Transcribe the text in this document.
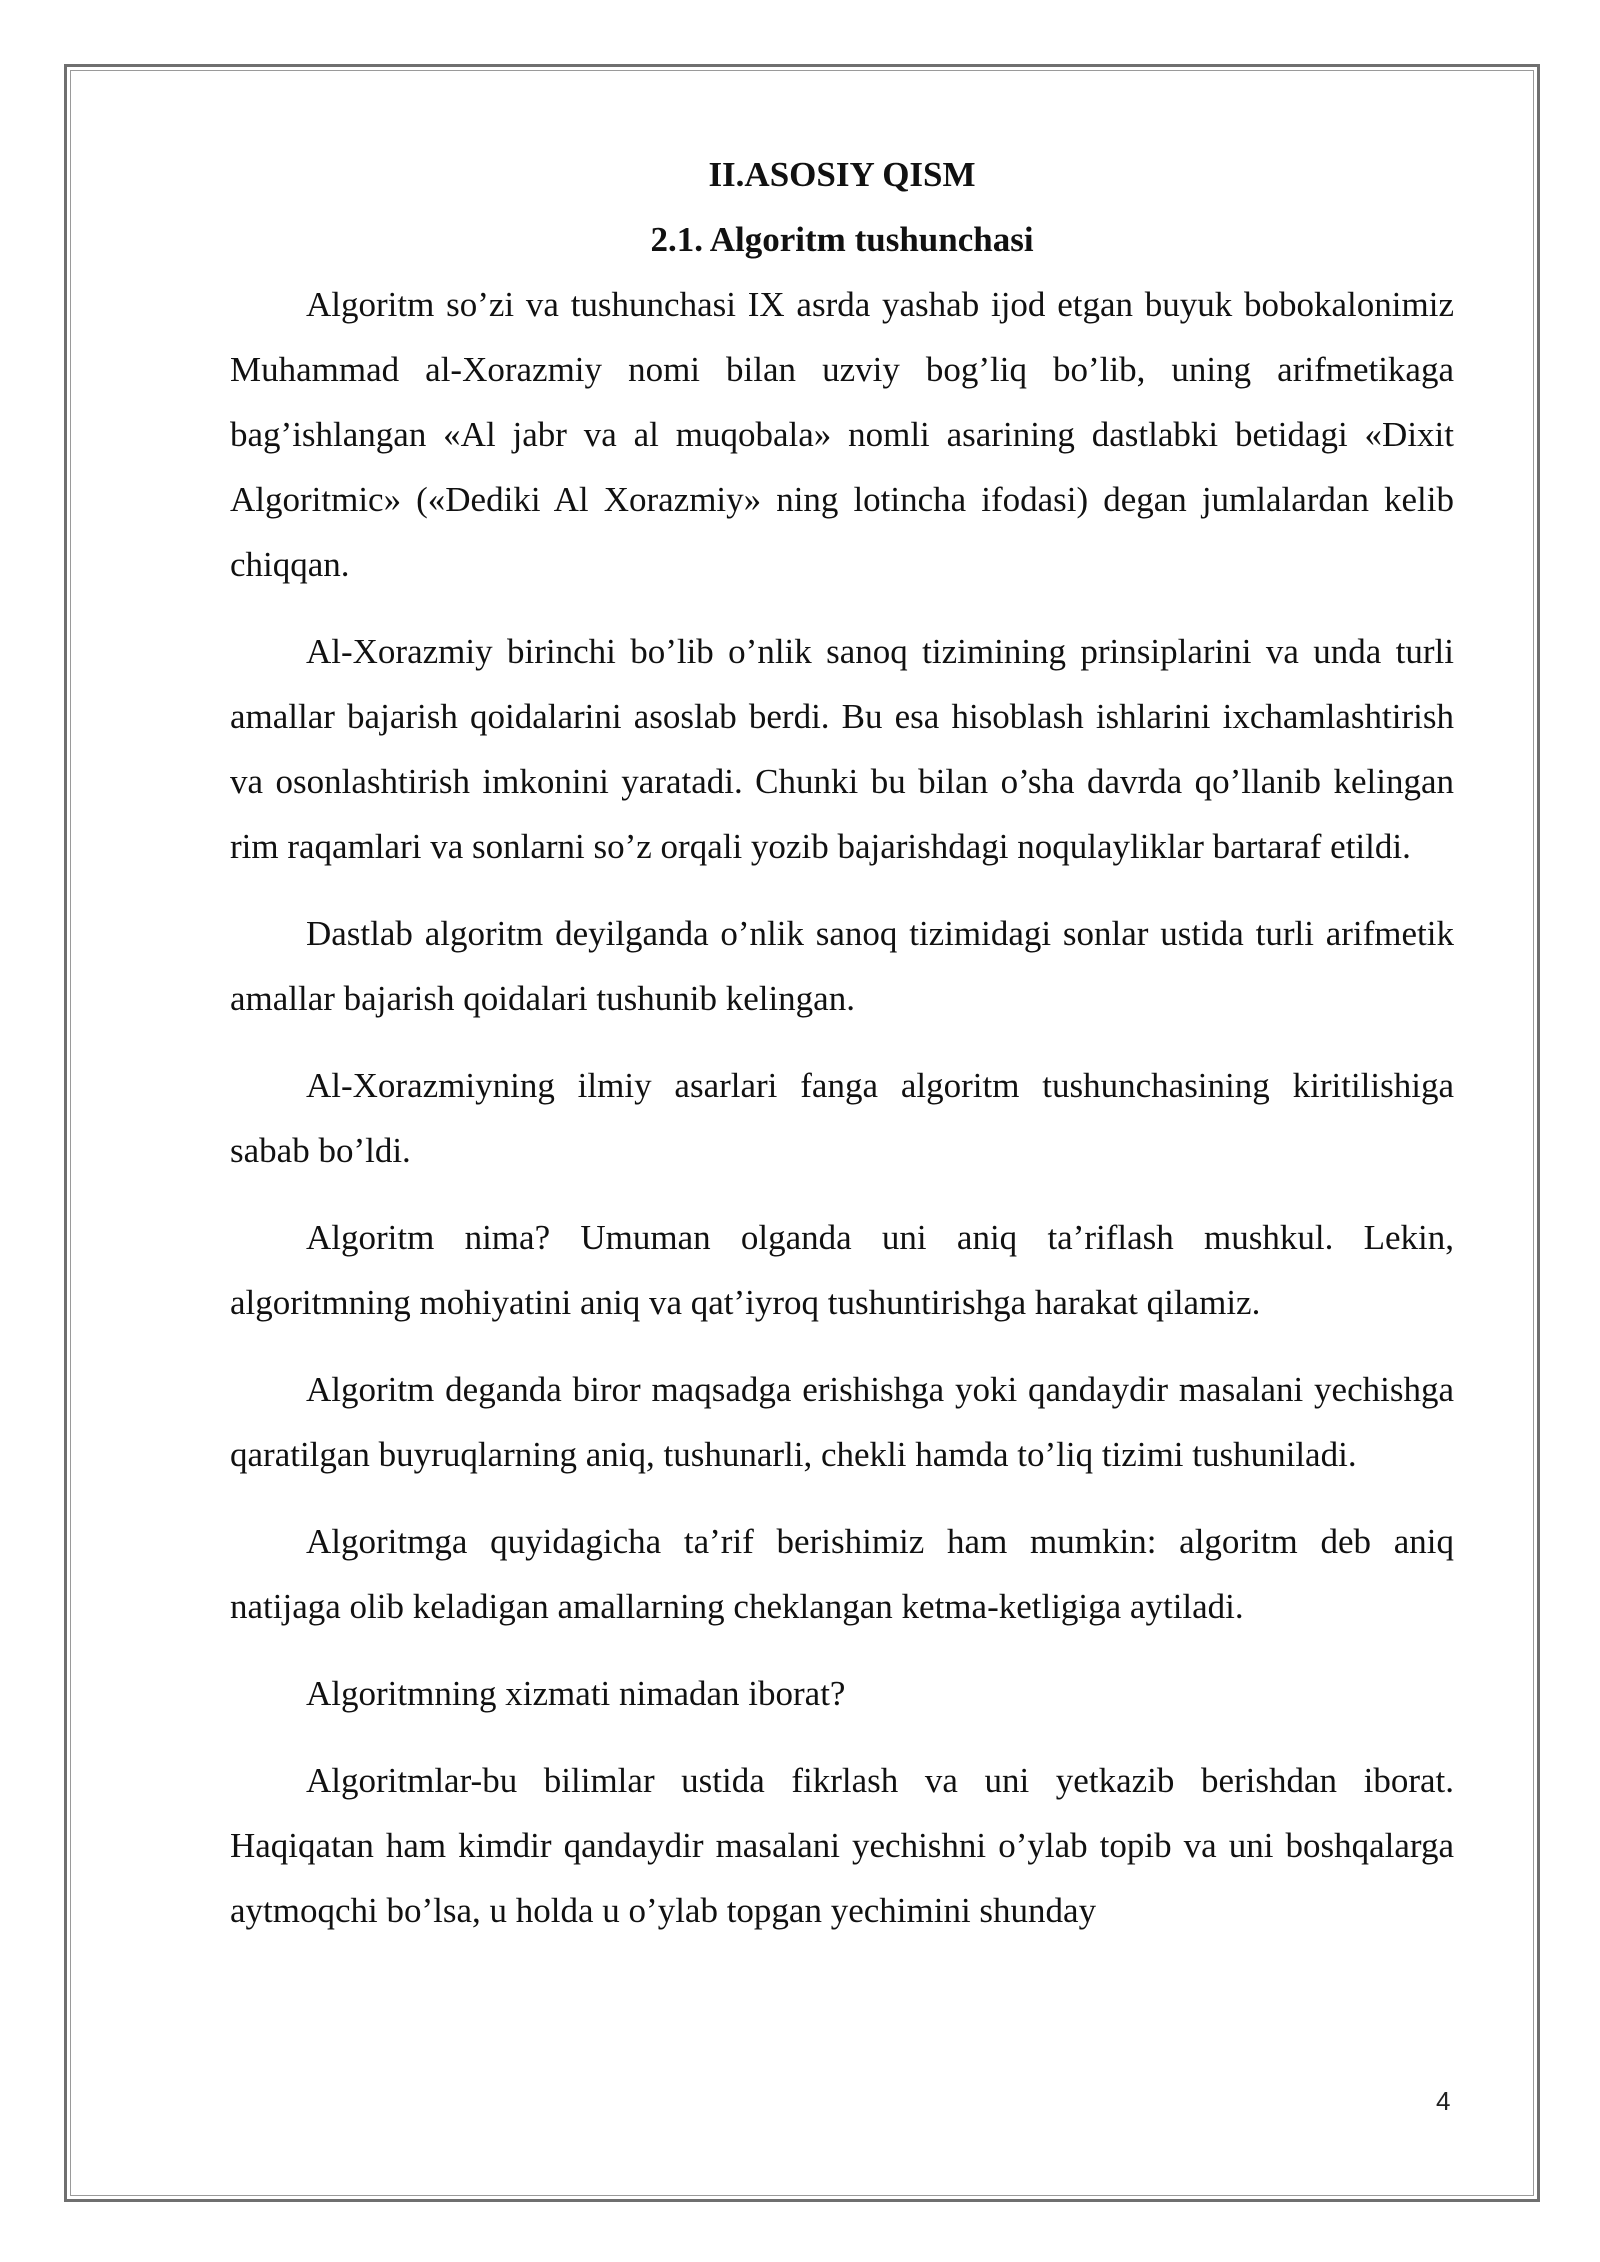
II.ASOSIY QISM
2.1. Algoritm tushunchasi

Algoritm so’zi va tushunchasi IX asrda yashab ijod etgan buyuk bobokalonimiz Muhammad al-Xorazmiy nomi bilan uzviy bog’liq bo’lib, uning arifmetikaga bag’ishlangan «Al jabr va al muqobala» nomli asarining dastlabki betidagi «Dixit Algoritmic» («Dediki Al Xorazmiy» ning lotincha ifodasi) degan jumlalardan kelib chiqqan.

Al-Xorazmiy birinchi bo’lib o’nlik sanoq tizimining prinsiplarini va unda turli amallar bajarish qoidalarini asoslab berdi. Bu esa hisoblash ishlarini ixchamlashtirish va osonlashtirish imkonini yaratadi. Chunki bu bilan o’sha davrda qo’llanib kelingan rim raqamlari va sonlarni so’z orqali yozib bajarishdagi noqulayliklar bartaraf etildi.

Dastlab algoritm deyilganda o’nlik sanoq tizimidagi sonlar ustida turli arifmetik amallar bajarish qoidalari tushunib kelingan.

Al-Xorazmiyning ilmiy asarlari fanga algoritm tushunchasining kiritilishiga sabab bo’ldi.

Algoritm nima? Umuman olganda uni aniq ta’riflash mushkul. Lekin, algoritmning mohiyatini aniq va qat’iyroq tushuntirishga harakat qilamiz.

Algoritm deganda biror maqsadga erishishga yoki qandaydir masalani yechishga qaratilgan buyruqlarning aniq, tushunarli, chekli hamda to’liq tizimi tushuniladi.

Algoritmga quyidagicha ta’rif berishimiz ham mumkin: algoritm deb aniq natijaga olib keladigan amallarning cheklangan ketma-ketligiga aytiladi.

Algoritmning xizmati nimadan iborat?

Algoritmlar-bu bilimlar ustida fikrlash va uni yetkazib berishdan iborat. Haqiqatan ham kimdir qandaydir masalani yechishni o’ylab topib va uni boshqalarga aytmoqchi bo’lsa, u holda u o’ylab topgan yechimini shunday

4
